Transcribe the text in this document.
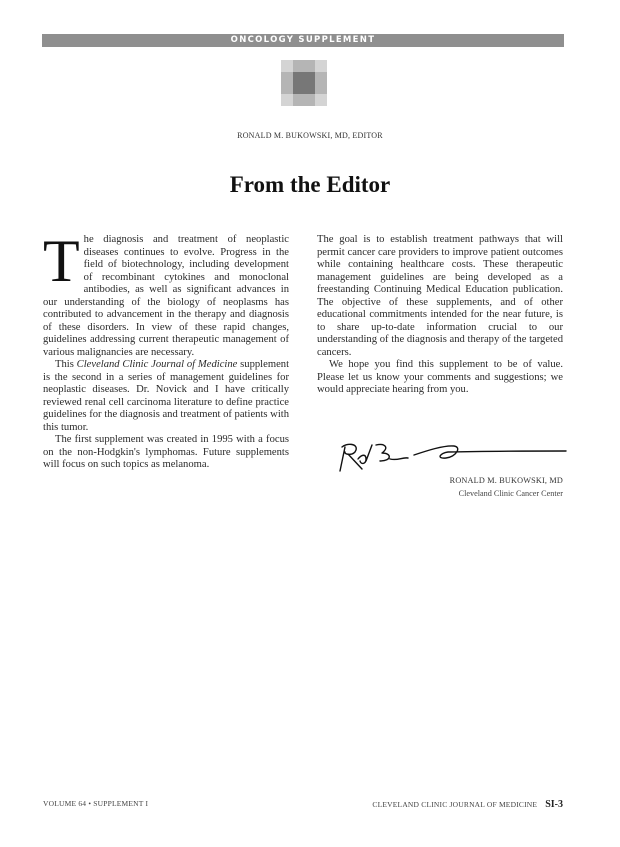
ONCOLOGY SUPPLEMENT
RONALD M. BUKOWSKI, MD, EDITOR
From the Editor

The diagnosis and treatment of neoplastic diseases continues to evolve. Progress in the field of biotechnology, including development of recombinant cytokines and monoclonal antibodies, as well as significant advances in our understanding of the biology of neoplasms has contributed to advancement in the therapy and diagnosis of these disorders. In view of these rapid changes, guidelines addressing current therapeutic management of various malignancies are necessary.

This Cleveland Clinic Journal of Medicine supplement is the second in a series of management guidelines for neoplastic diseases. Dr. Novick and I have critically reviewed renal cell carcinoma literature to define practice guidelines for the diagnosis and treatment of patients with this tumor.

The first supplement was created in 1995 with a focus on the non-Hodgkin's lymphomas. Future supplements will focus on such topics as melanoma.

The goal is to establish treatment pathways that will permit cancer care providers to improve patient outcomes while containing healthcare costs. These therapeutic management guidelines are being developed as a freestanding Continuing Medical Education publication. The objective of these supplements, and of other educational commitments intended for the near future, is to share up-to-date information crucial to our understanding of the diagnosis and therapy of the targeted cancers.

We hope you find this supplement to be of value. Please let us know your comments and suggestions; we would appreciate hearing from you.

RONALD M. BUKOWSKI, MD
Cleveland Clinic Cancer Center
VOLUME 64 • SUPPLEMENT I	CLEVELAND CLINIC JOURNAL OF MEDICINE SI-3
